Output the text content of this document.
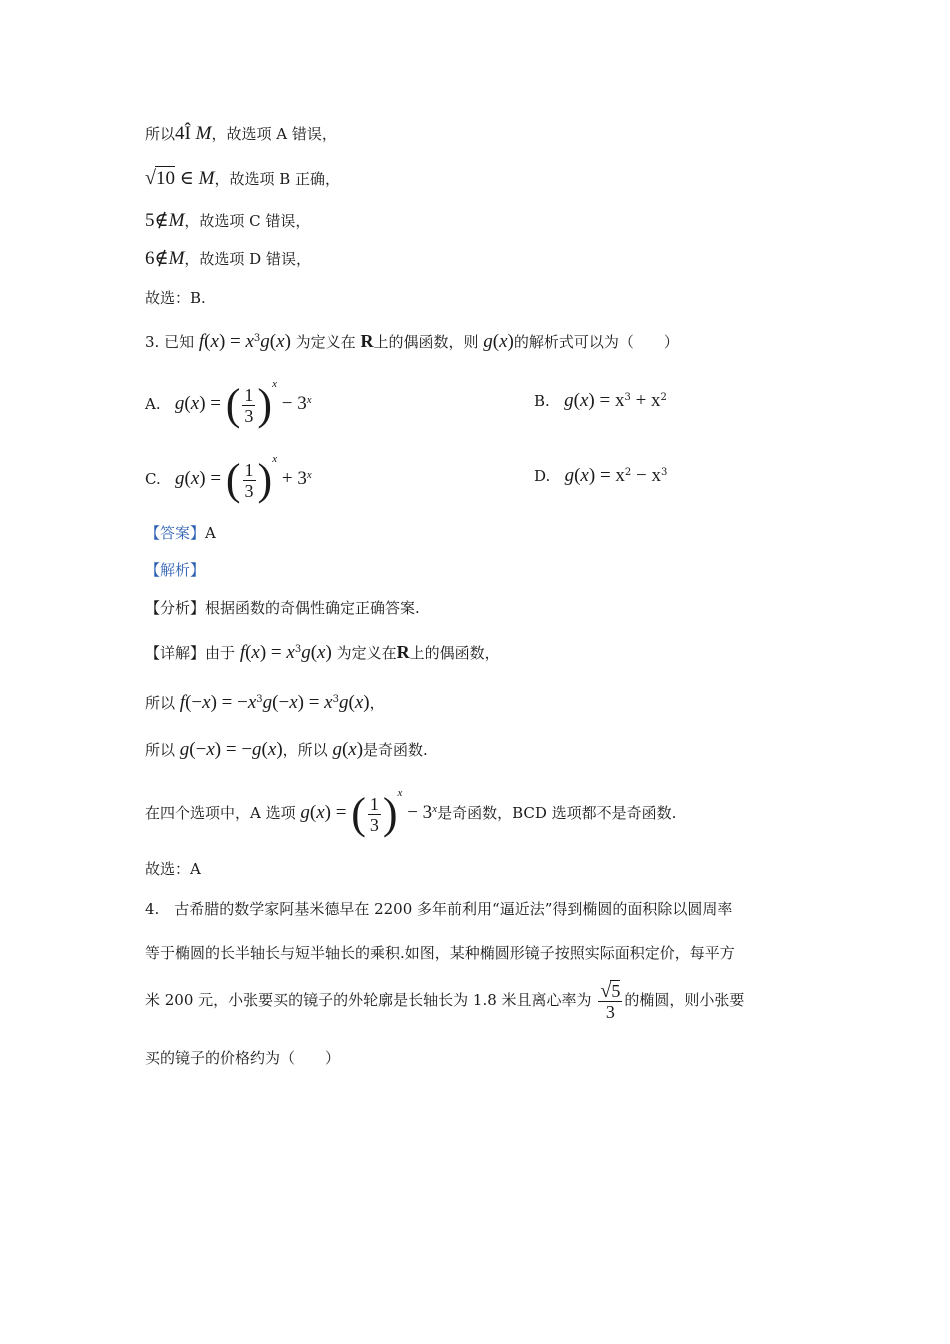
所以4Î M，故选项 A 错误，
√10 ∈ M，故选项 B 正确，
5∉M，故选项 C 错误，
6∉M，故选项 D 错误，
故选：B.
3. 已知 $f(x) = x^3g(x)$ 为定义在 R上的偶函数，则 g(x)的解析式可以为（　　）
A. g(x) = ( $\frac{1}{3} )^x - 3^x$	B. $g(x) = x^3 + x^2$
C. g(x) = ( $\frac{1}{3} )^x + 3^x$	D. $g(x) = x^2 - x^3$
【答案】A
【解析】
【分析】根据函数的奇偶性确定正确答案.
【详解】由于 $f(x) = x^3g(x)$ 为定义在R上的偶函数，
所以 $f(-x) = -x^3g(-x) = x^3g(x)$，
所以 g(−x) = −g(x)，所以 g(x)是奇函数.
在四个选项中，A 选项 g(x) = ( $\frac{1}{3} )^x - 3^x$是奇函数，BCD 选项都不是奇函数.
故选：A
4.　古希腊的数学家阿基米德早在 2200 多年前利用“逼近法”得到椭圆的面积除以圆周率
等于椭圆的长半轴长与短半轴长的乘积.如图，某种椭圆形镜子按照实际面积定价，每平方
米 200 元，小张要买的镜子的外轮廓是长轴长为 1.8 米且离心率为 $\frac{√5}{3}$ 的椭圆，则小张要
买的镜子的价格约为（　　）
